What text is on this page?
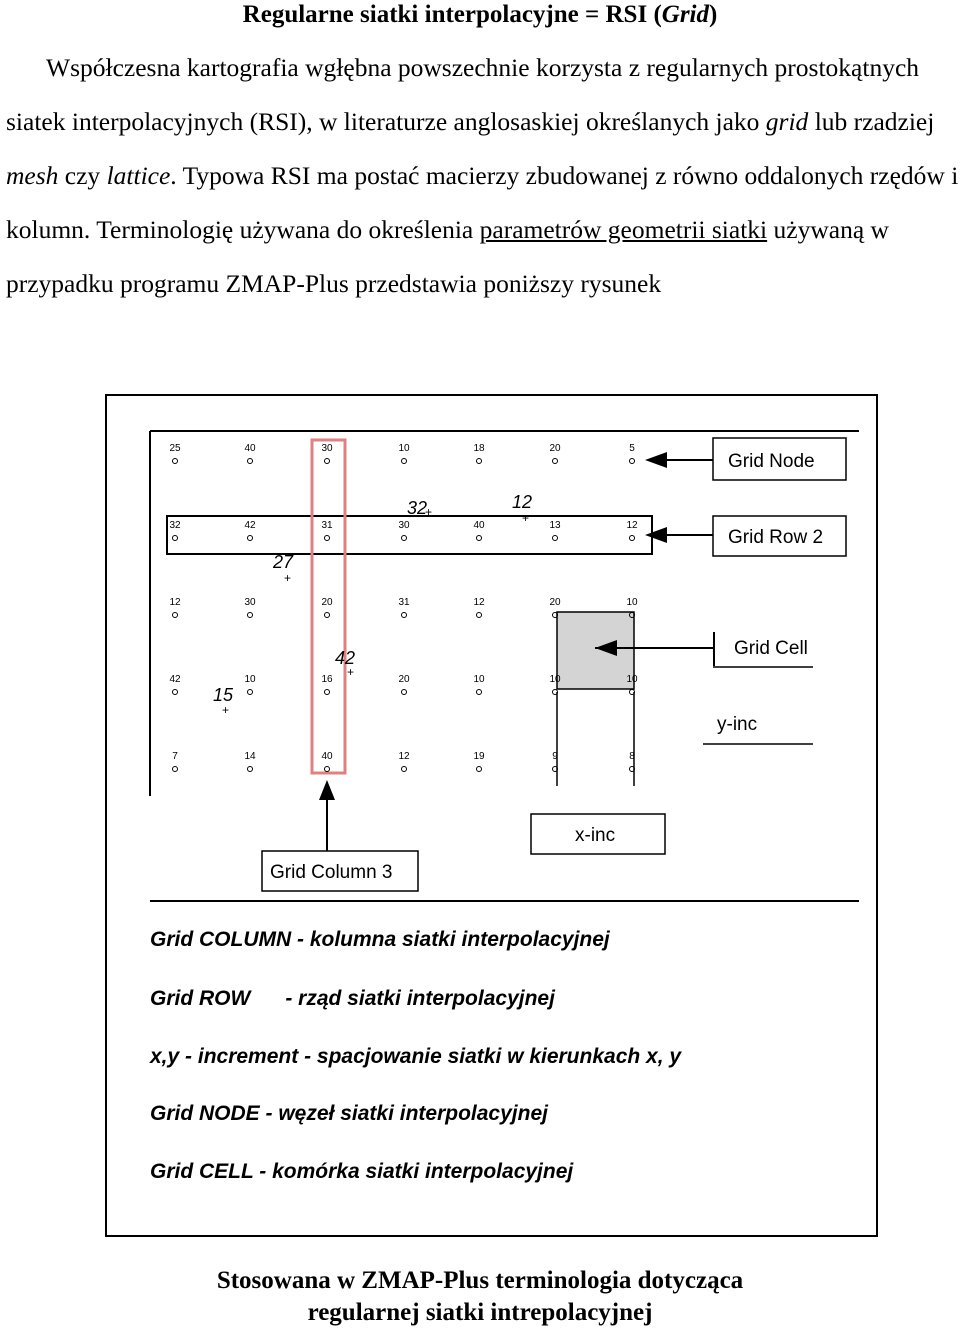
Regularne siatki interpolacyjne = RSI (Grid)
Współczesna kartografia wgłębna powszechnie korzysta z regularnych prostokątnych siatek interpolacyjnych (RSI), w literaturze anglosaskiej określanych jako grid lub rzadziej mesh czy lattice. Typowa RSI ma postać macierzy zbudowanej z równo oddalonych rzędów i kolumn. Terminologię używana do określenia parametrów geometrii siatki używaną w przypadku programu ZMAP-Plus przedstawia poniższy rysunek
25	40	30	10	18	20	5
32	42	31	30	40	13	12
12	30	20	31	12	20	10
42	10	16	20	10	10	10
7	14	40	12	19	9	8
32	12
27
42
15
+	+
+
+
+
Grid Node
Grid Row 2
Grid Cell
y-inc
x-inc
Grid Column 3
Grid COLUMN - kolumna siatki interpolacyjnej
Grid ROW      - rząd siatki interpolacyjnej
x,y - increment - spacjowanie siatki w kierunkach x, y
Grid NODE - węzeł siatki interpolacyjnej
Grid CELL - komórka siatki interpolacyjnej
Stosowana w ZMAP-Plus terminologia dotycząca
regularnej siatki intrepolacyjnej
